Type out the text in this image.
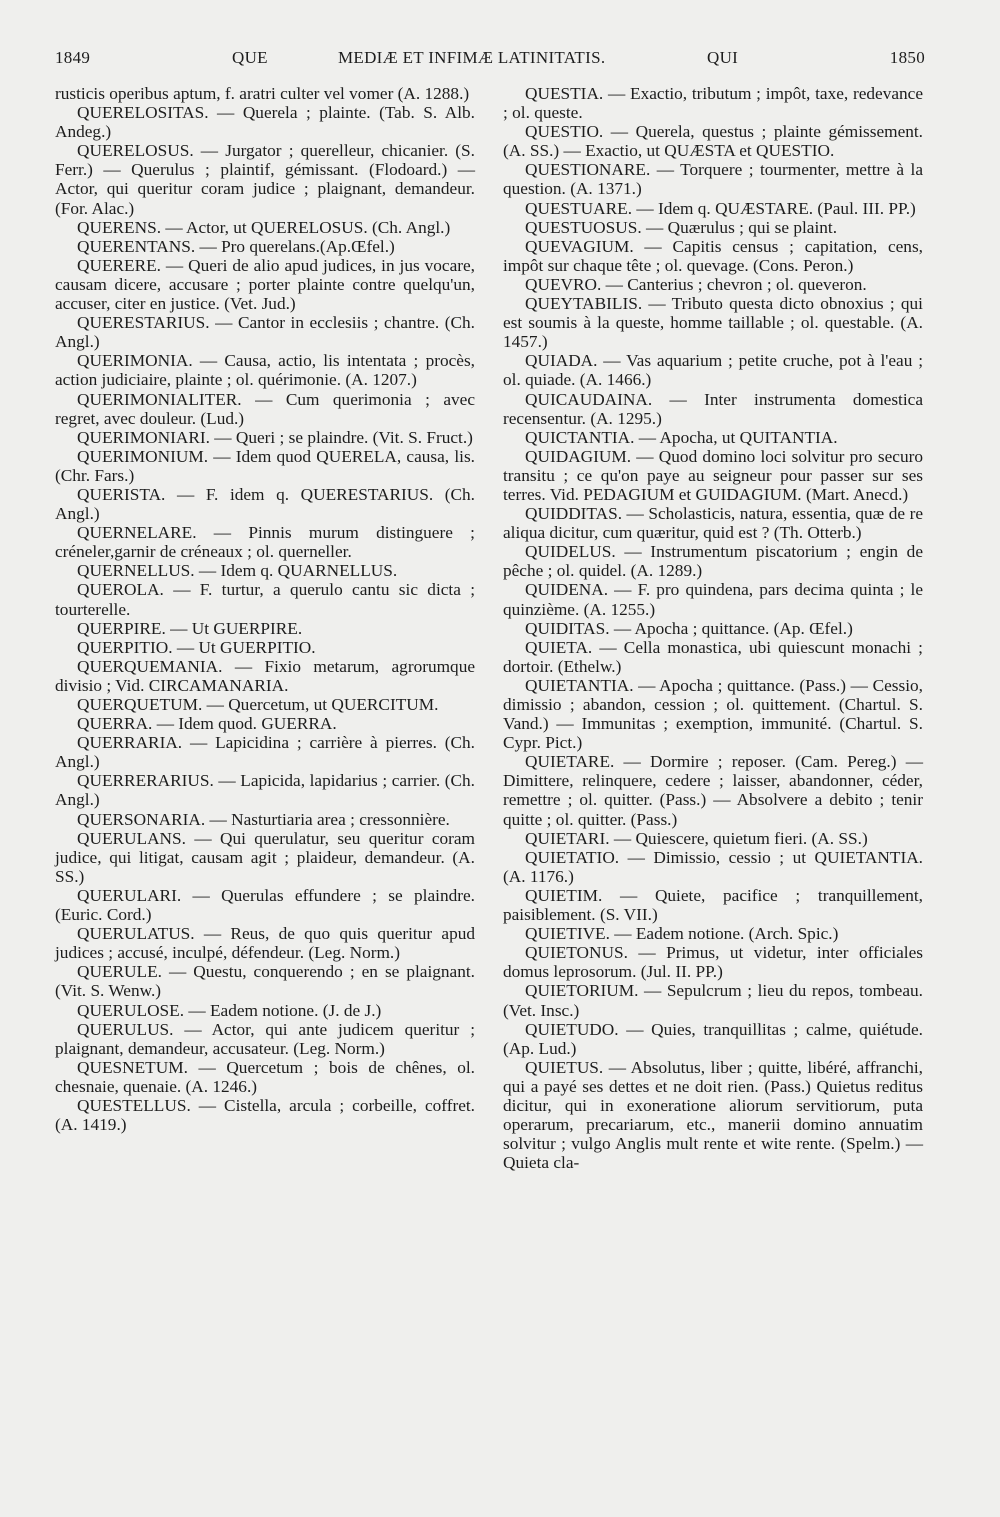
1849	QUE	MEDIÆ ET INFIMÆ LATINITATIS.	QUI	1850

rusticis operibus aptum, f. aratri culter vel vomer (A. 1288.)

QUERELOSITAS. — Querela ; plainte. (Tab. S. Alb. Andeg.)

QUERELOSUS. — Jurgator ; querelleur, chicanier. (S. Ferr.) — Querulus ; plaintif, gémissant. (Flodoard.) — Actor, qui queritur coram judice ; plaignant, demandeur. (For. Alac.)

QUERENS. — Actor, ut QUERELOSUS. (Ch. Angl.)

QUERENTANS. — Pro querelans.(Ap.Œfel.)

QUERERE. — Queri de alio apud judices, in jus vocare, causam dicere, accusare ; porter plainte contre quelqu'un, accuser, citer en justice. (Vet. Jud.)

QUERESTARIUS. — Cantor in ecclesiis ; chantre. (Ch. Angl.)

QUERIMONIA. — Causa, actio, lis intentata ; procès, action judiciaire, plainte ; ol. quérimonie. (A. 1207.)

QUERIMONIALITER. — Cum querimonia ; avec regret, avec douleur. (Lud.)

QUERIMONIARI. — Queri ; se plaindre. (Vit. S. Fruct.)

QUERIMONIUM. — Idem quod QUERELA, causa, lis. (Chr. Fars.)

QUERISTA. — F. idem q. QUERESTARIUS. (Ch. Angl.)

QUERNELARE. — Pinnis murum distinguere ; créneler,garnir de créneaux ; ol. querneller.

QUERNELLUS. — Idem q. QUARNELLUS.

QUEROLA. — F. turtur, a querulo cantu sic dicta ; tourterelle.

QUERPIRE. — Ut GUERPIRE.

QUERPITIO. — Ut GUERPITIO.

QUERQUEMANIA. — Fixio metarum, agrorumque divisio ; Vid. CIRCAMANARIA.

QUERQUETUM. — Quercetum, ut QUERCITUM.

QUERRA. — Idem quod. GUERRA.

QUERRARIA. — Lapicidina ; carrière à pierres. (Ch. Angl.)

QUERRERARIUS. — Lapicida, lapidarius ; carrier. (Ch. Angl.)

QUERSONARIA. — Nasturtiaria area ; cressonnière.

QUERULANS. — Qui querulatur, seu queritur coram judice, qui litigat, causam agit ; plaideur, demandeur. (A. SS.)

QUERULARI. — Querulas effundere ; se plaindre. (Euric. Cord.)

QUERULATUS. — Reus, de quo quis queritur apud judices ; accusé, inculpé, défendeur. (Leg. Norm.)

QUERULE. — Questu, conquerendo ; en se plaignant. (Vit. S. Wenw.)

QUERULOSE. — Eadem notione. (J. de J.)

QUERULUS. — Actor, qui ante judicem queritur ; plaignant, demandeur, accusateur. (Leg. Norm.)

QUESNETUM. — Quercetum ; bois de chênes, ol. chesnaie, quenaie. (A. 1246.)

QUESTELLUS. — Cistella, arcula ; corbeille, coffret. (A. 1419.)

QUESTIA. — Exactio, tributum ; impôt, taxe, redevance ; ol. queste.

QUESTIO. — Querela, questus ; plainte gémissement. (A. SS.) — Exactio, ut QUÆSTA et QUESTIO.

QUESTIONARE. — Torquere ; tourmenter, mettre à la question. (A. 1371.)

QUESTUARE. — Idem q. QUÆSTARE. (Paul. III. PP.)

QUESTUOSUS. — Quærulus ; qui se plaint.

QUEVAGIUM. — Capitis census ; capitation, cens, impôt sur chaque tête ; ol. quevage. (Cons. Peron.)

QUEVRO. — Canterius ; chevron ; ol. queveron.

QUEYTABILIS. — Tributo questa dicto obnoxius ; qui est soumis à la queste, homme taillable ; ol. questable. (A. 1457.)

QUIADA. — Vas aquarium ; petite cruche, pot à l'eau ; ol. quiade. (A. 1466.)

QUICAUDAINA. — Inter instrumenta domestica recensentur. (A. 1295.)

QUICTANTIA. — Apocha, ut QUITANTIA.

QUIDAGIUM. — Quod domino loci solvitur pro securo transitu ; ce qu'on paye au seigneur pour passer sur ses terres. Vid. PEDAGIUM et GUIDAGIUM. (Mart. Anecd.)

QUIDDITAS. — Scholasticis, natura, essentia, quæ de re aliqua dicitur, cum quæritur, quid est ? (Th. Otterb.)

QUIDELUS. — Instrumentum piscatorium ; engin de pêche ; ol. quidel. (A. 1289.)

QUIDENA. — F. pro quindena, pars decima quinta ; le quinzième. (A. 1255.)

QUIDITAS. — Apocha ; quittance. (Ap. Œfel.)

QUIETA. — Cella monastica, ubi quiescunt monachi ; dortoir. (Ethelw.)

QUIETANTIA. — Apocha ; quittance. (Pass.) — Cessio, dimissio ; abandon, cession ; ol. quittement. (Chartul. S. Vand.) — Immunitas ; exemption, immunité. (Chartul. S. Cypr. Pict.)

QUIETARE. — Dormire ; reposer. (Cam. Pereg.) — Dimittere, relinquere, cedere ; laisser, abandonner, céder, remettre ; ol. quitter. (Pass.) — Absolvere a debito ; tenir quitte ; ol. quitter. (Pass.)

QUIETARI. — Quiescere, quietum fieri. (A. SS.)

QUIETATIO. — Dimissio, cessio ; ut QUIETANTIA. (A. 1176.)

QUIETIM. — Quiete, pacifice ; tranquillement, paisiblement. (S. VII.)

QUIETIVE. — Eadem notione. (Arch. Spic.)

QUIETONUS. — Primus, ut videtur, inter officiales domus leprosorum. (Jul. II. PP.)

QUIETORIUM. — Sepulcrum ; lieu du repos, tombeau. (Vet. Insc.)

QUIETUDO. — Quies, tranquillitas ; calme, quiétude. (Ap. Lud.)

QUIETUS. — Absolutus, liber ; quitte, libéré, affranchi, qui a payé ses dettes et ne doit rien. (Pass.) Quietus reditus dicitur, qui in exoneratione aliorum servitiorum, puta operarum, precariarum, etc., manerii domino annuatim solvitur ; vulgo Anglis mult rente et wite rente. (Spelm.) — Quieta cla-
